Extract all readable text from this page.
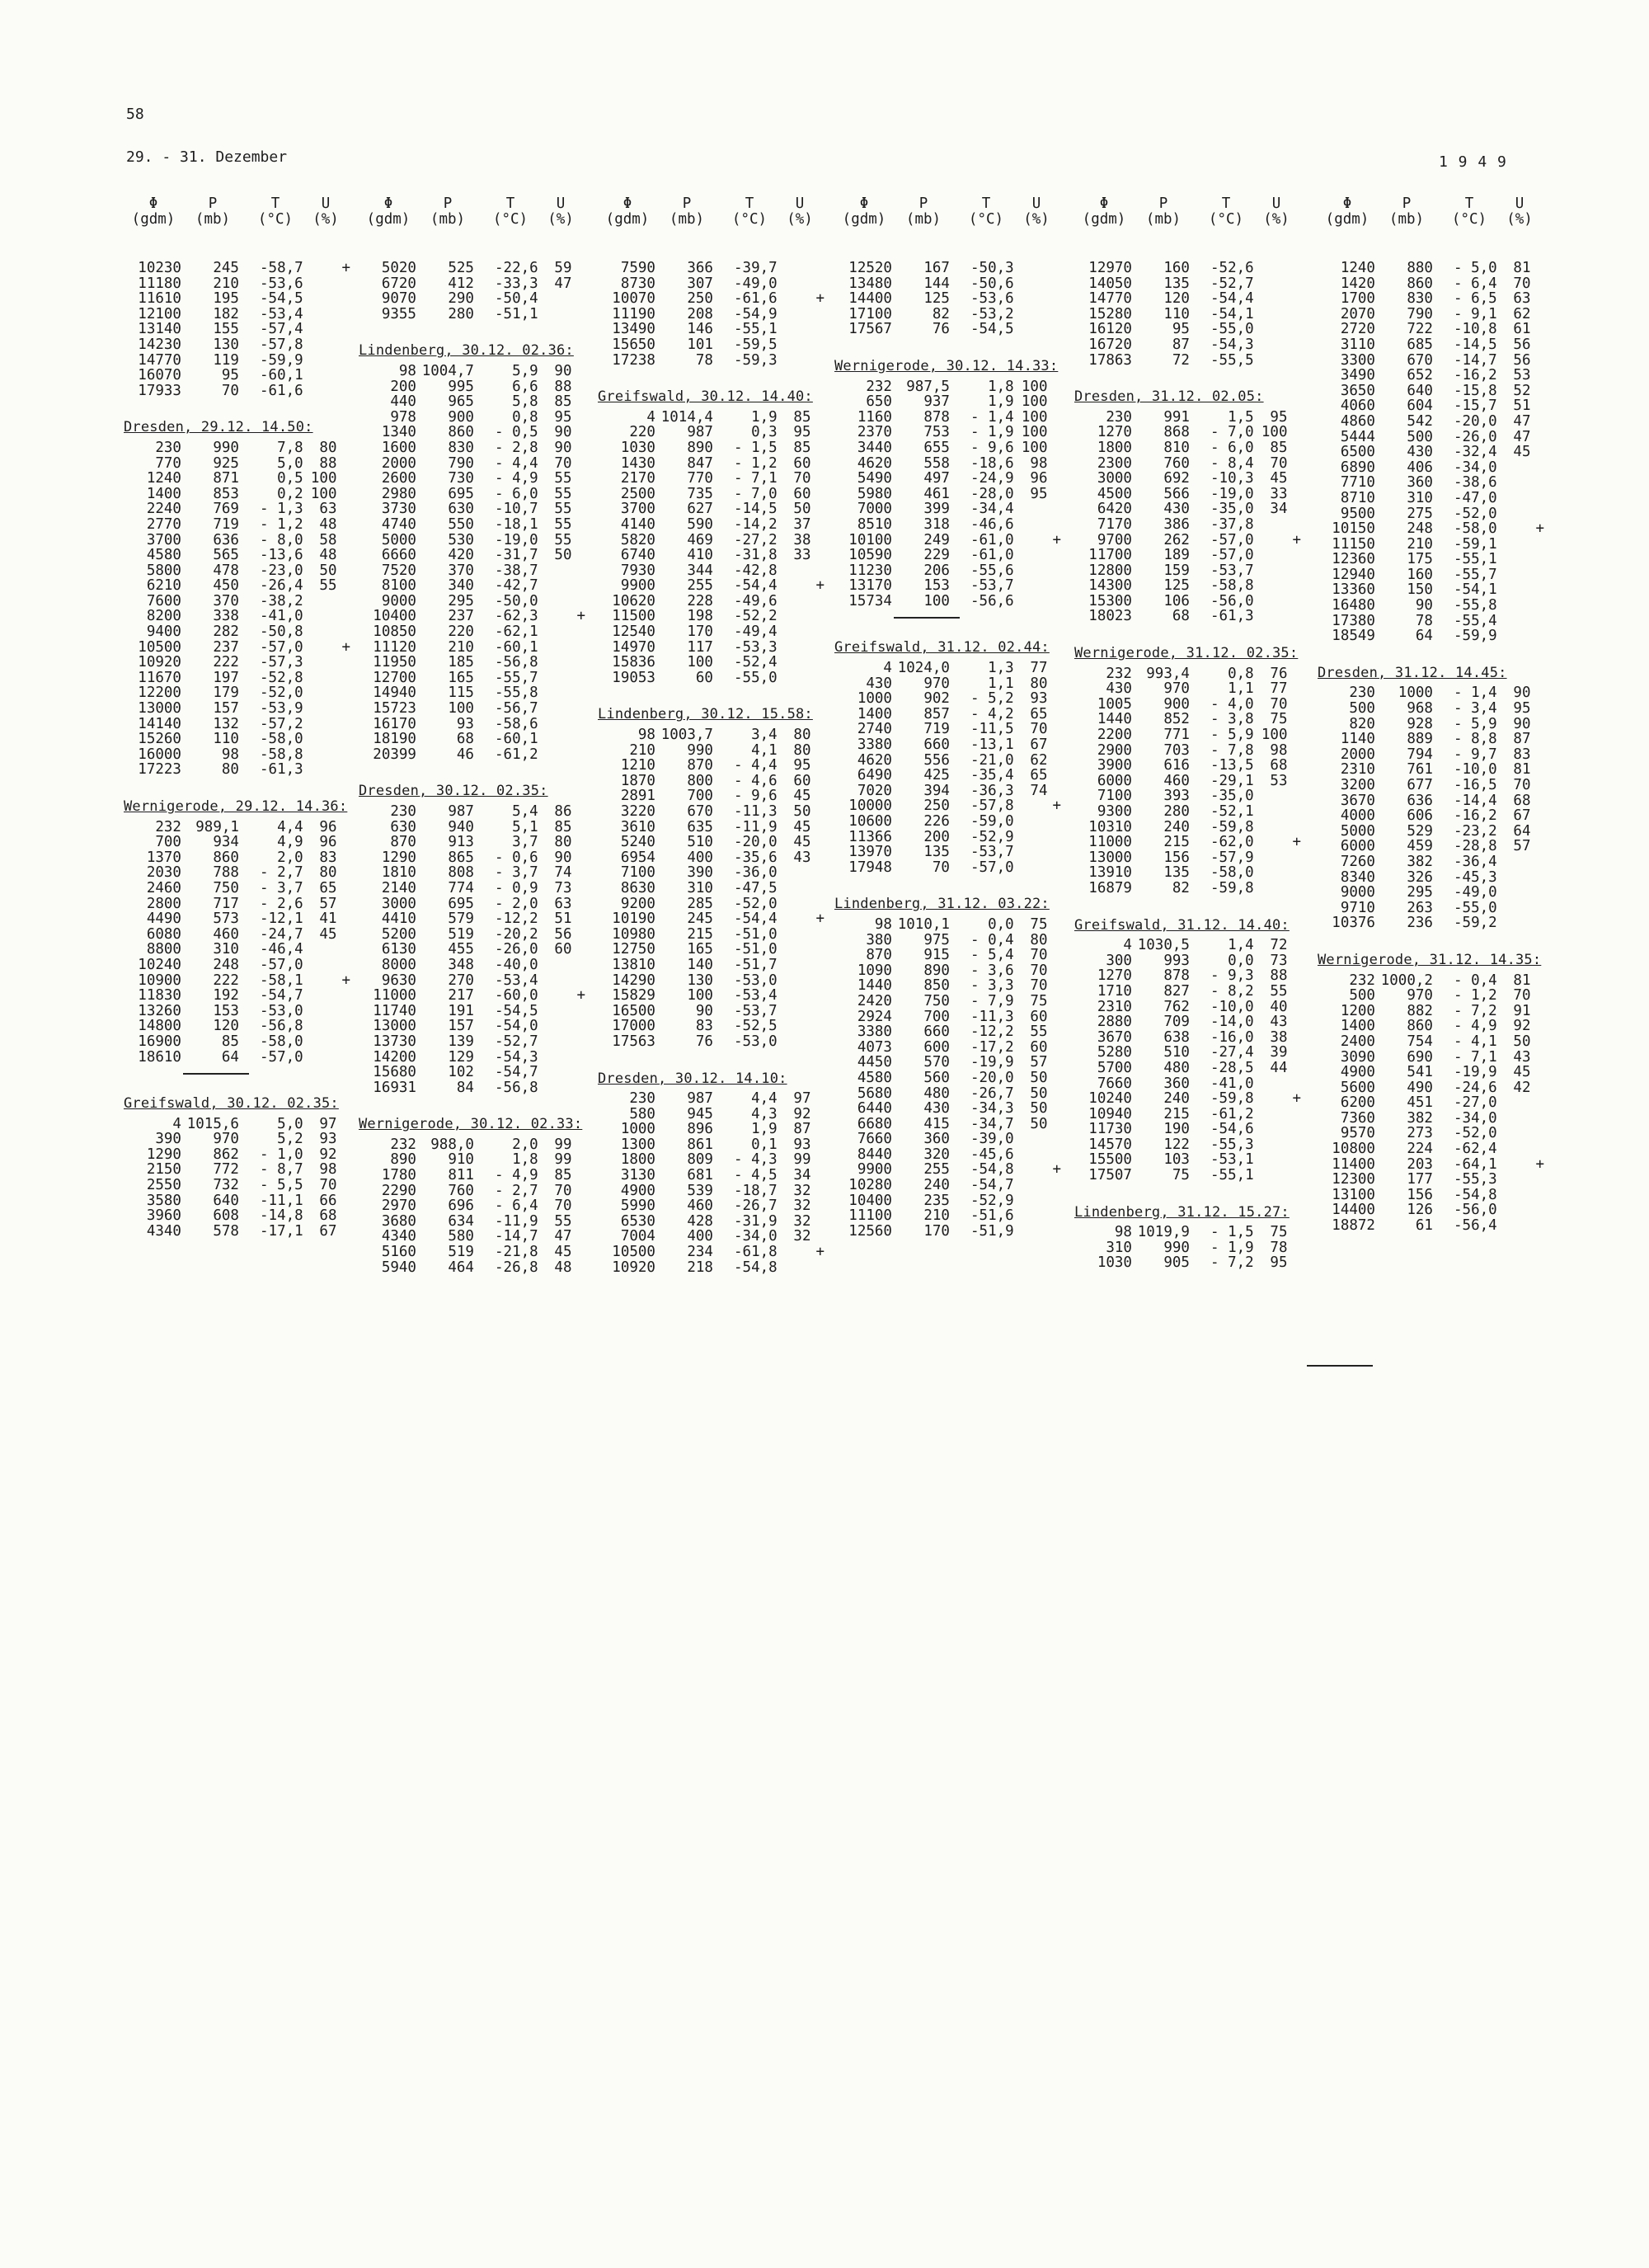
58
29. - 31. Dezember	1 9 4 9
Φ	P	T	U
(gdm)	(mb)	(°C)	(%)
10230	245	-58,7	+
11180	210	-53,6
11610	195	-54,5
12100	182	-53,4
13140	155	-57,4
14230	130	-57,8
14770	119	-59,9
16070	95	-60,1
17933	70	-61,6
Dresden, 29.12. 14.50:
230	990	7,8	80
770	925	5,0	88
1240	871	0,5 100
1400	853	0,2 100
2240	769	- 1,3	63
2770	719	- 1,2	48
3700	636	- 8,0	58
4580	565	-13,6	48
5800	478	-23,0	50
6210	450	-26,4	55
7600	370	-38,2
8200	338	-41,0
9400	282	-50,8
10500	237	-57,0	+
10920	222	-57,3
11670	197	-52,8
12200	179	-52,0
13000	157	-53,9
14140	132	-57,2
15260	110	-58,0
16000	98	-58,8
17223	80	-61,3
Wernigerode, 29.12. 14.36:
232 989,1	4,4	96
700	934	4,9	96
1370	860	2,0	83
2030	788	- 2,7	80
2460	750	- 3,7	65
2800	717	- 2,6	57
4490	573	-12,1	41
6080	460	-24,7	45
8800	310	-46,4
10240	248	-57,0
10900	222	-58,1	+
11830	192	-54,7
13260	153	-53,0
14800	120	-56,8
16900	85	-58,0
18610	64	-57,0
Greifswald, 30.12. 02.35:
4 1015,6	5,0	97
390	970	5,2	93
1290	862	- 1,0	92
2150	772	- 8,7	98
2550	732	- 5,5	70
3580	640	-11,1	66
3960	608	-14,8	68
4340	578	-17,1	67
Φ	P	T	U
(gdm)	(mb)	(°C)	(%)
5020	525	-22,6	59
6720	412	-33,3	47
9070	290	-50,4
9355	280	-51,1
Lindenberg, 30.12. 02.36:
98 1004,7	5,9	90
200	995	6,6	88
440	965	5,8	85
978	900	0,8	95
1340	860	- 0,5	90
1600	830	- 2,8	90
2000	790	- 4,4	70
2600	730	- 4,9	55
2980	695	- 6,0	55
3730	630	-10,7	55
4740	550	-18,1	55
5000	530	-19,0	55
6660	420	-31,7	50
7520	370	-38,7
8100	340	-42,7
9000	295	-50,0
10400	237	-62,3	+
10850	220	-62,1
11120	210	-60,1
11950	185	-56,8
12700	165	-55,7
14940	115	-55,8
15723	100	-56,7
16170	93	-58,6
18190	68	-60,1
20399	46	-61,2
Dresden, 30.12. 02.35:
230	987	5,4	86
630	940	5,1	85
870	913	3,7	80
1290	865	- 0,6	90
1810	808	- 3,7	74
2140	774	- 0,9	73
3000	695	- 2,0	63
4410	579	-12,2	51
5200	519	-20,2	56
6130	455	-26,0	60
8000	348	-40,0
9630	270	-53,4
11000	217	-60,0	+
11740	191	-54,5
13000	157	-54,0
13730	139	-52,7
14200	129	-54,3
15680	102	-54,7
16931	84	-56,8
Wernigerode, 30.12. 02.33:
232 988,0	2,0	99
890	910	1,8	99
1780	811	- 4,9	85
2290	760	- 2,7	70
2970	696	- 6,4	70
3680	634	-11,9	55
4340	580	-14,7	47
5160	519	-21,8	45
5940	464	-26,8	48
Φ	P	T	U
(gdm)	(mb)	(°C)	(%)
7590	366	-39,7
8730	307	-49,0
10070	250	-61,6	+
11190	208	-54,9
13490	146	-55,1
15650	101	-59,5
17238	78	-59,3
Greifswald, 30.12. 14.40:
4 1014,4	1,9	85
220	987	0,3	95
1030	890	- 1,5	85
1430	847	- 1,2	60
2170	770	- 7,1	70
2500	735	- 7,0	60
3700	627	-14,5	50
4140	590	-14,2	37
5820	469	-27,2	38
6740	410	-31,8	33
7930	344	-42,8
9900	255	-54,4	+
10620	228	-49,6
11500	198	-52,2
12540	170	-49,4
14970	117	-53,3
15836	100	-52,4
19053	60	-55,0
Lindenberg, 30.12. 15.58:
98 1003,7	3,4	80
210	990	4,1	80
1210	870	- 4,4	95
1870	800	- 4,6	60
2891	700	- 9,6	45
3220	670	-11,3	50
3610	635	-11,9	45
5240	510	-20,0	45
6954	400	-35,6	43
7100	390	-36,0
8630	310	-47,5
9200	285	-52,0
10190	245	-54,4	+
10980	215	-51,0
12750	165	-51,0
13810	140	-51,7
14290	130	-53,0
15829	100	-53,4
16500	90	-53,7
17000	83	-52,5
17563	76	-53,0
Dresden, 30.12. 14.10:
230	987	4,4	97
580	945	4,3	92
1000	896	1,9	87
1300	861	0,1	93
1800	809	- 4,3	99
3130	681	- 4,5	34
4900	539	-18,7	32
5990	460	-26,7	32
6530	428	-31,9	32
7004	400	-34,0	32
10500	234	-61,8	+
10920	218	-54,8
Φ	P	T	U
(gdm)	(mb)	(°C)	(%)
12520	167	-50,3
13480	144	-50,6
14400	125	-53,6
17100	82	-53,2
17567	76	-54,5
Wernigerode, 30.12. 14.33:
232 987,5	1,8 100
650	937	1,9 100
1160	878	- 1,4 100
2370	753	- 1,9 100
3440	655	- 9,6 100
4620	558	-18,6	98
5490	497	-24,9	96
5980	461	-28,0	95
7000	399	-34,4
8510	318	-46,6
10100	249	-61,0	+
10590	229	-61,0
11230	206	-55,6
13170	153	-53,7
15734	100	-56,6
Greifswald, 31.12. 02.44:
4 1024,0	1,3	77
430	970	1,1	80
1000	902	- 5,2	93
1400	857	- 4,2	65
2740	719	-11,5	70
3380	660	-13,1	67
4620	556	-21,0	62
6490	425	-35,4	65
7020	394	-36,3	74
10000	250	-57,8	+
10600	226	-59,0
11366	200	-52,9
13970	135	-53,7
17948	70	-57,0
Lindenberg, 31.12. 03.22:
98 1010,1	0,0	75
380	975	- 0,4	80
870	915	- 5,4	70
1090	890	- 3,6	70
1440	850	- 3,3	70
2420	750	- 7,9	75
2924	700	-11,3	60
3380	660	-12,2	55
4073	600	-17,2	60
4450	570	-19,9	57
4580	560	-20,0	50
5680	480	-26,7	50
6440	430	-34,3	50
6680	415	-34,7	50
7660	360	-39,0
8440	320	-45,6
9900	255	-54,8	+
10280	240	-54,7
10400	235	-52,9
11100	210	-51,6
12560	170	-51,9
Φ	P	T	U
(gdm)	(mb)	(°C)	(%)
12970	160	-52,6
14050	135	-52,7
14770	120	-54,4
15280	110	-54,1
16120	95	-55,0
16720	87	-54,3
17863	72	-55,5
Dresden, 31.12. 02.05:
230	991	1,5	95
1270	868	- 7,0 100
1800	810	- 6,0	85
2300	760	- 8,4	70
3000	692	-10,3	45
4500	566	-19,0	33
6420	430	-35,0	34
7170	386	-37,8
9700	262	-57,0	+
11700	189	-57,0
12800	159	-53,7
14300	125	-58,8
15300	106	-56,0
18023	68	-61,3
Wernigerode, 31.12. 02.35:
232 993,4	0,8	76
430	970	1,1	77
1005	900	- 4,0	70
1440	852	- 3,8	75
2200	771	- 5,9 100
2900	703	- 7,8	98
3900	616	-13,5	68
6000	460	-29,1	53
7100	393	-35,0
9300	280	-52,1
10310	240	-59,8
11000	215	-62,0	+
13000	156	-57,9
13910	135	-58,0
16879	82	-59,8
Greifswald, 31.12. 14.40:
4 1030,5	1,4	72
300	993	0,0	73
1270	878	- 9,3	88
1710	827	- 8,2	55
2310	762	-10,0	40
2880	709	-14,0	43
3670	638	-16,0	38
5280	510	-27,4	39
5700	480	-28,5	44
7660	360	-41,0
10240	240	-59,8	+
10940	215	-61,2
11730	190	-54,6
14570	122	-55,3
15500	103	-53,1
17507	75	-55,1
Lindenberg, 31.12. 15.27:
98 1019,9	- 1,5	75
310	990	- 1,9	78
1030	905	- 7,2	95
Φ	P	T	U
(gdm)	(mb)	(°C)	(%)
1240	880	- 5,0	81
1420	860	- 6,4	70
1700	830	- 6,5	63
2070	790	- 9,1	62
2720	722	-10,8	61
3110	685	-14,5	56
3300	670	-14,7	56
3490	652	-16,2	53
3650	640	-15,8	52
4060	604	-15,7	51
4860	542	-20,0	47
5444	500	-26,0	47
6500	430	-32,4	45
6890	406	-34,0
7710	360	-38,6
8710	310	-47,0
9500	275	-52,0
10150	248	-58,0	+
11150	210	-59,1
12360	175	-55,1
12940	160	-55,7
13360	150	-54,1
16480	90	-55,8
17380	78	-55,4
18549	64	-59,9
Dresden, 31.12. 14.45:
230	1000	- 1,4	90
500	968	- 3,4	95
820	928	- 5,9	90
1140	889	- 8,8	87
2000	794	- 9,7	83
2310	761	-10,0	81
3200	677	-16,5	70
3670	636	-14,4	68
4000	606	-16,2	67
5000	529	-23,2	64
6000	459	-28,8	57
7260	382	-36,4
8340	326	-45,3
9000	295	-49,0
9710	263	-55,0
10376	236	-59,2
Wernigerode, 31.12. 14.35:
232 1000,2	- 0,4	81
500	970	- 1,2	70
1200	882	- 7,2	91
1400	860	- 4,9	92
2400	754	- 4,1	50
3090	690	- 7,1	43
4900	541	-19,9	45
5600	490	-24,6	42
6200	451	-27,0
7360	382	-34,0
9570	273	-52,0
10800	224	-62,4
11400	203	-64,1	+
12300	177	-55,3
13100	156	-54,8
14400	126	-56,0
18872	61	-56,4
